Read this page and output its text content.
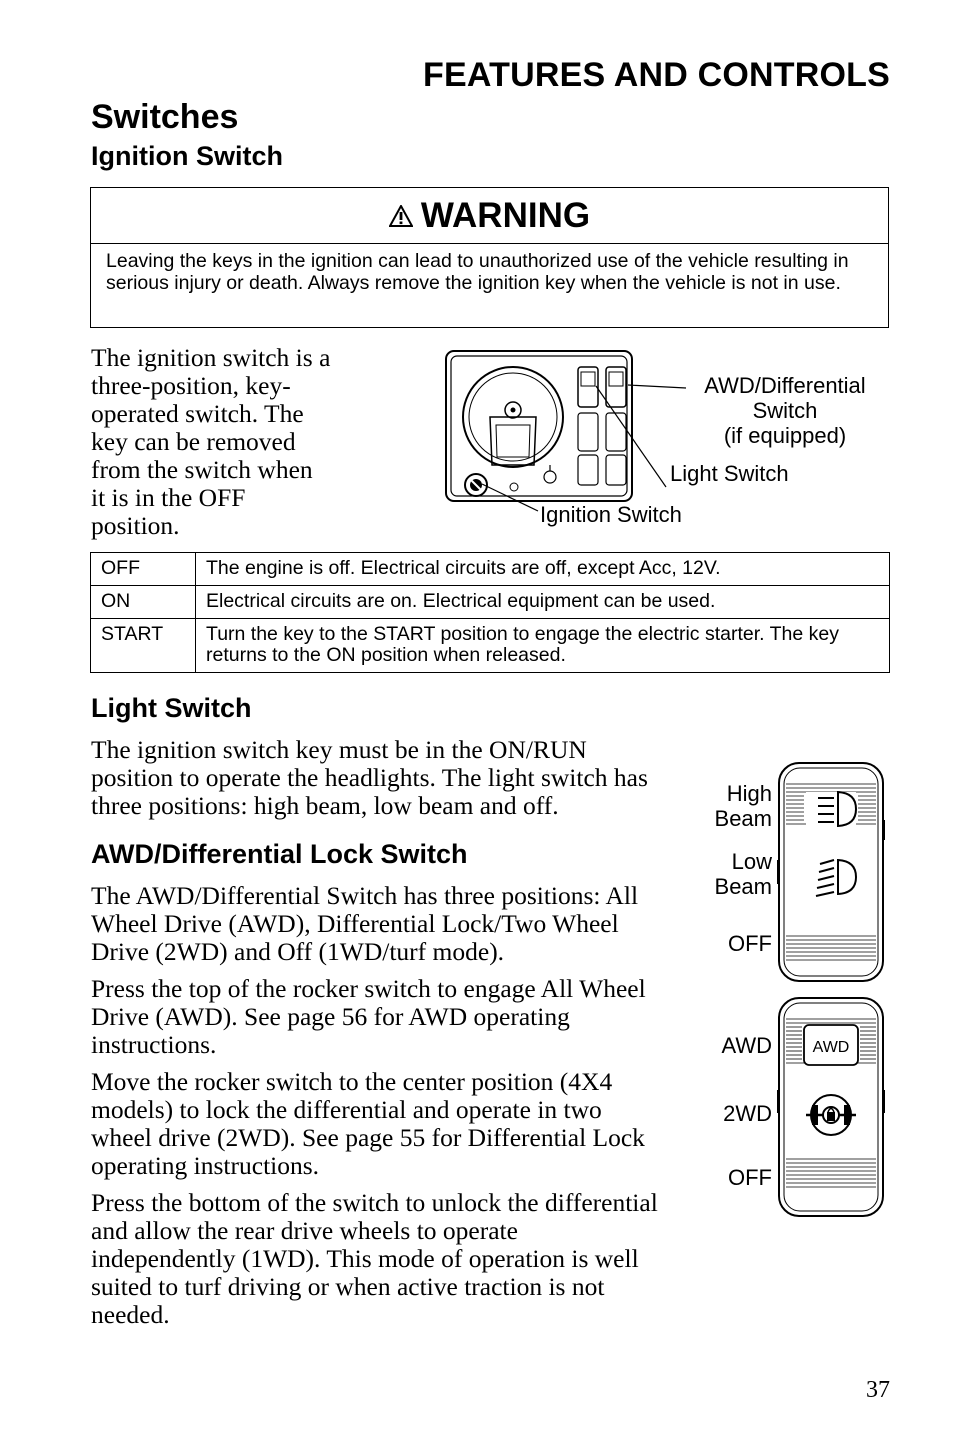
FEATURES AND CONTROLS
Switches
Ignition Switch
WARNING
Leaving the keys in the ignition can lead to unauthorized use of the vehicle resulting in serious injury or death. Always remove the ignition key when the vehicle is not in use.
The ignition switch is a three-position, key-operated switch. The key can be removed from the switch when it is in the OFF position.
AWD/Differential
Switch
(if equipped)
Light Switch
Ignition Switch
OFF	The engine is off. Electrical circuits are off, except Acc, 12V.
ON	Electrical circuits are on. Electrical equipment can be used.
START	Turn the key to the START position to engage the electric starter. The key returns to the ON position when released.
Light Switch
The ignition switch key must be in the ON/RUN position to operate the headlights. The light switch has three positions: high beam, low beam and off.
AWD/Differential Lock Switch

The AWD/Differential Switch has three positions: All Wheel Drive (AWD), Differential Lock/Two Wheel Drive (2WD) and Off (1WD/turf mode).

Press the top of the rocker switch to engage All Wheel Drive (AWD). See page 56 for AWD operating instructions.

Move the rocker switch to the center position (4X4 models) to lock the differential and operate in two wheel drive (2WD). See page 55 for Differential Lock operating instructions.

Press the bottom of the switch to unlock the differential and allow the rear drive wheels to operate independently (1WD). This mode of operation is well suited to turf driving or when active traction is not needed.

High
Beam
Low
Beam
OFF
AWD
2WD
OFF
AWD
37
